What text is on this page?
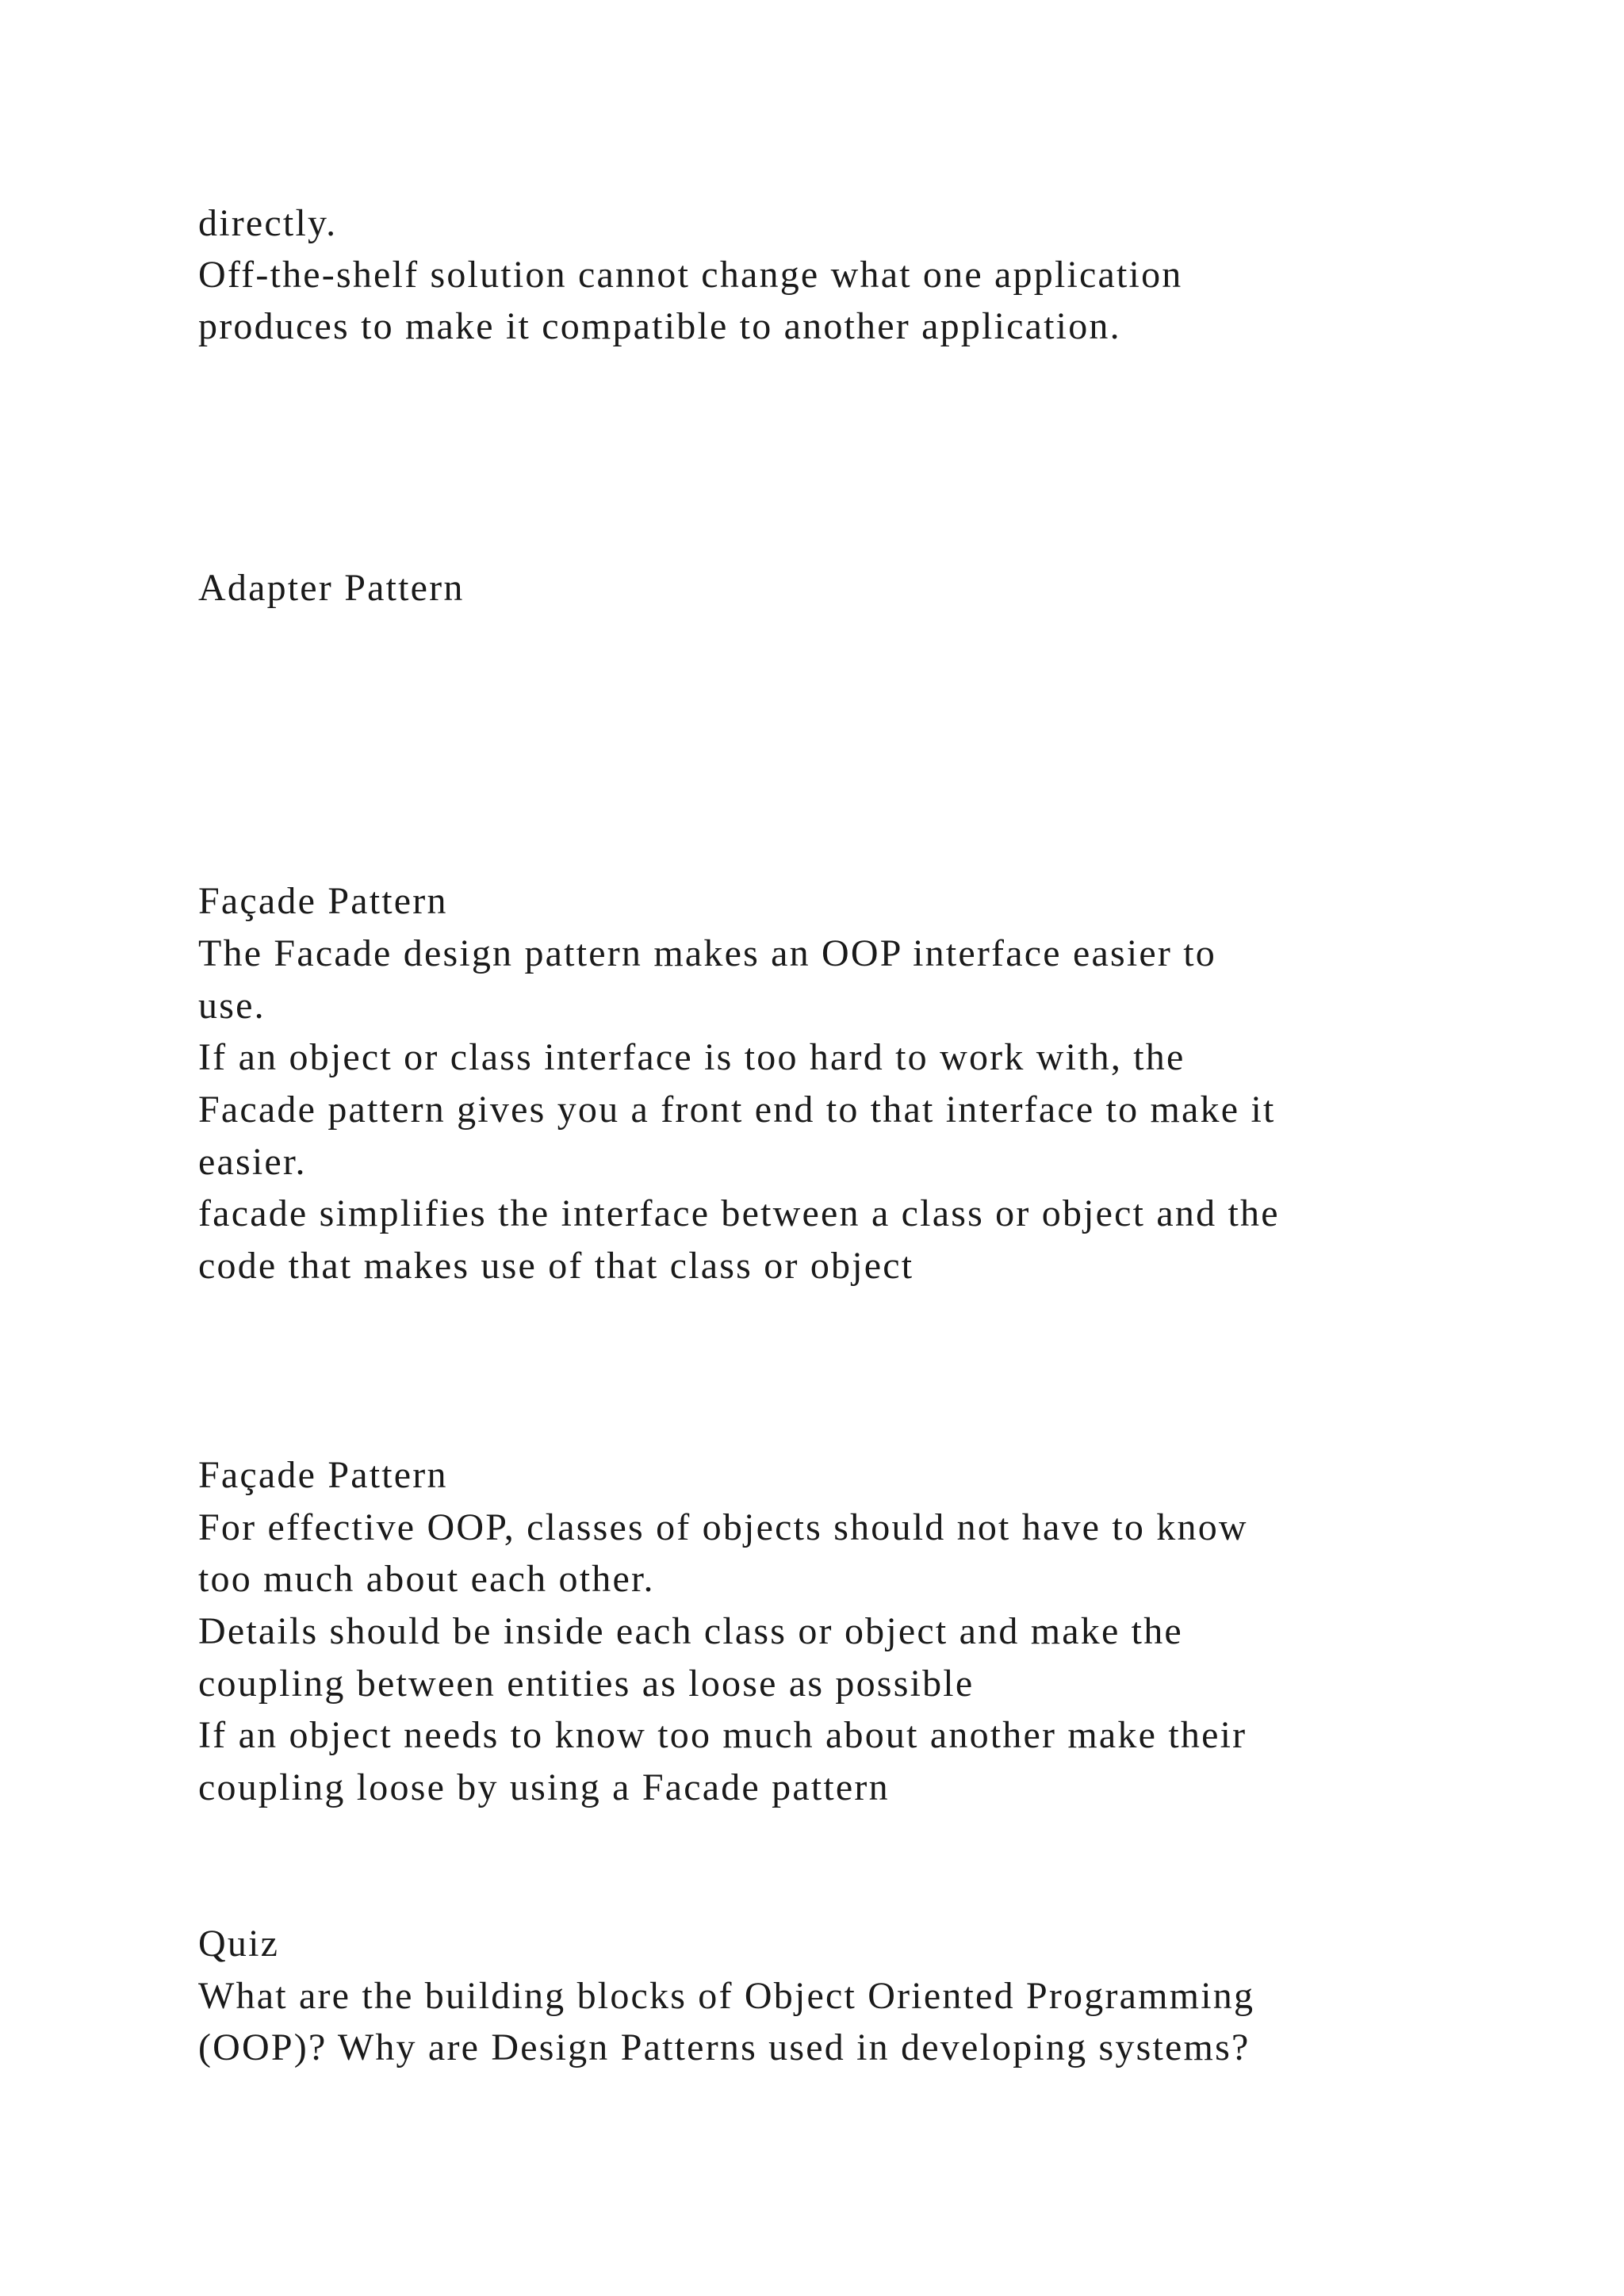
directly.
Off-the-shelf solution cannot change what one application
produces to make it compatible to another application.
Adapter Pattern
Façade Pattern
The Facade design pattern makes an OOP interface easier to
use.
If an object or class interface is too hard to work with, the
Facade pattern gives you a front end to that interface to make it
easier.
facade simplifies the interface between a class or object and the
code that makes use of that class or object
Façade Pattern
For effective OOP, classes of objects should not have to know
too much about each other.
Details should be inside each class or object and make the
coupling between entities as loose as possible
If an object needs to know too much about another make their
coupling loose by using a Facade pattern
Quiz
What are the building blocks of Object Oriented Programming
(OOP)? Why are Design Patterns used in developing systems?
